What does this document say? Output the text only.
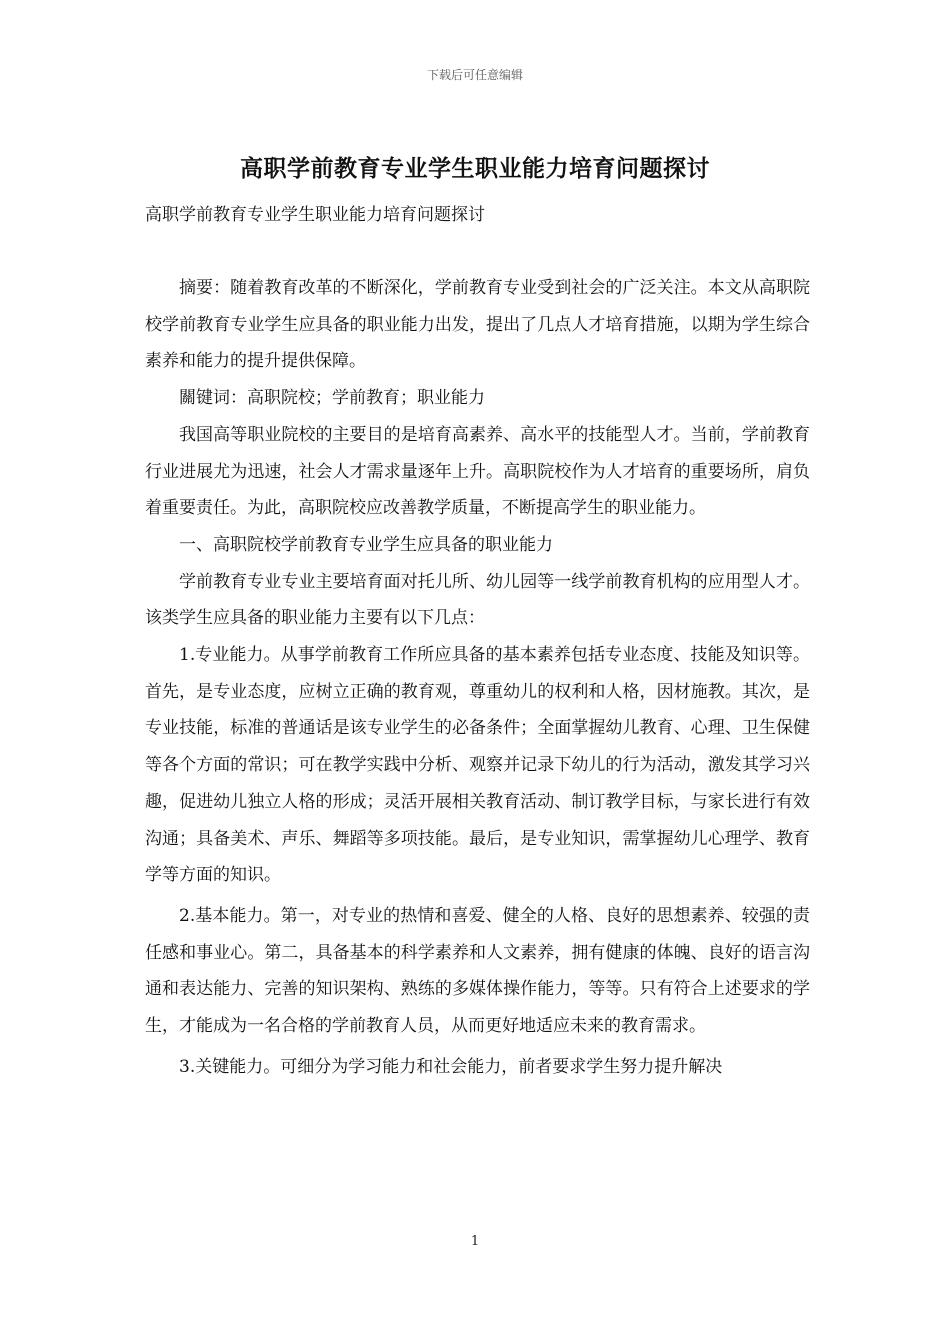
下载后可任意编辑
高职学前教育专业学生职业能力培育问题探讨
高职学前教育专业学生职业能力培育问题探讨

摘要：随着教育改革的不断深化，学前教育专业受到社会的广泛关注。本文从高职院校学前教育专业学生应具备的职业能力出发，提出了几点人才培育措施，以期为学生综合素养和能力的提升提供保障。

關键词：高职院校；学前教育；职业能力

我国高等职业院校的主要目的是培育高素养、高水平的技能型人才。当前，学前教育行业进展尤为迅速，社会人才需求量逐年上升。高职院校作为人才培育的重要场所，肩负着重要责任。为此，高职院校应改善教学质量，不断提高学生的职业能力。

一、高职院校学前教育专业学生应具备的职业能力

学前教育专业专业主要培育面对托儿所、幼儿园等一线学前教育机构的应用型人才。该类学生应具备的职业能力主要有以下几点：

1.专业能力。从事学前教育工作所应具备的基本素养包括专业态度、技能及知识等。首先，是专业态度，应树立正确的教育观，尊重幼儿的权利和人格，因材施教。其次，是专业技能，标准的普通话是该专业学生的必备条件；全面掌握幼儿教育、心理、卫生保健等各个方面的常识；可在教学实践中分析、观察并记录下幼儿的行为活动，激发其学习兴趣，促进幼儿独立人格的形成；灵活开展相关教育活动、制订教学目标，与家长进行有效沟通；具备美术、声乐、舞蹈等多项技能。最后，是专业知识，需掌握幼儿心理学、教育学等方面的知识。

2.基本能力。第一，对专业的热情和喜爱、健全的人格、良好的思想素养、较强的责任感和事业心。第二，具备基本的科学素养和人文素养，拥有健康的体魄、良好的语言沟通和表达能力、完善的知识架构、熟练的多媒体操作能力，等等。只有符合上述要求的学生，才能成为一名合格的学前教育人员，从而更好地适应未来的教育需求。

3.关键能力。可细分为学习能力和社会能力，前者要求学生努力提升解决

1
